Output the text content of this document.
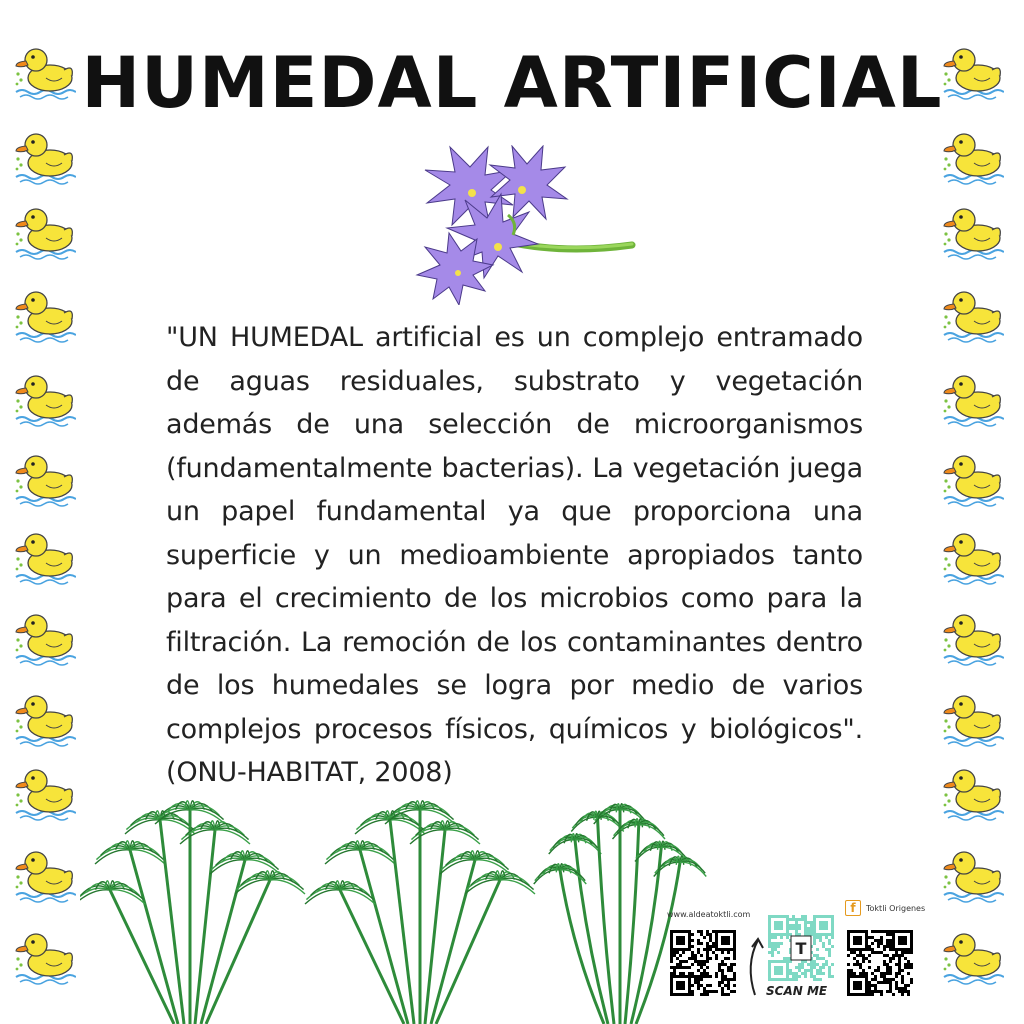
HUMEDAL ARTIFICIAL

"UN HUMEDAL artificial es un complejo entramado de aguas residuales, substrato y vegetación además de una selección de microorganismos (fundamentalmente bacterias). La vegetación juega un papel fundamental ya que proporciona una superficie y un medioambiente apropiados tanto para el crecimiento de los microbios como para la filtración. La remoción de los contaminantes dentro de los humedales se logra por medio de varios complejos procesos físicos, químicos y biológicos". (ONU-HABITAT, 2008)

www.aldeatoktli.com	f	Toktli Origenes
T
SCAN ME
